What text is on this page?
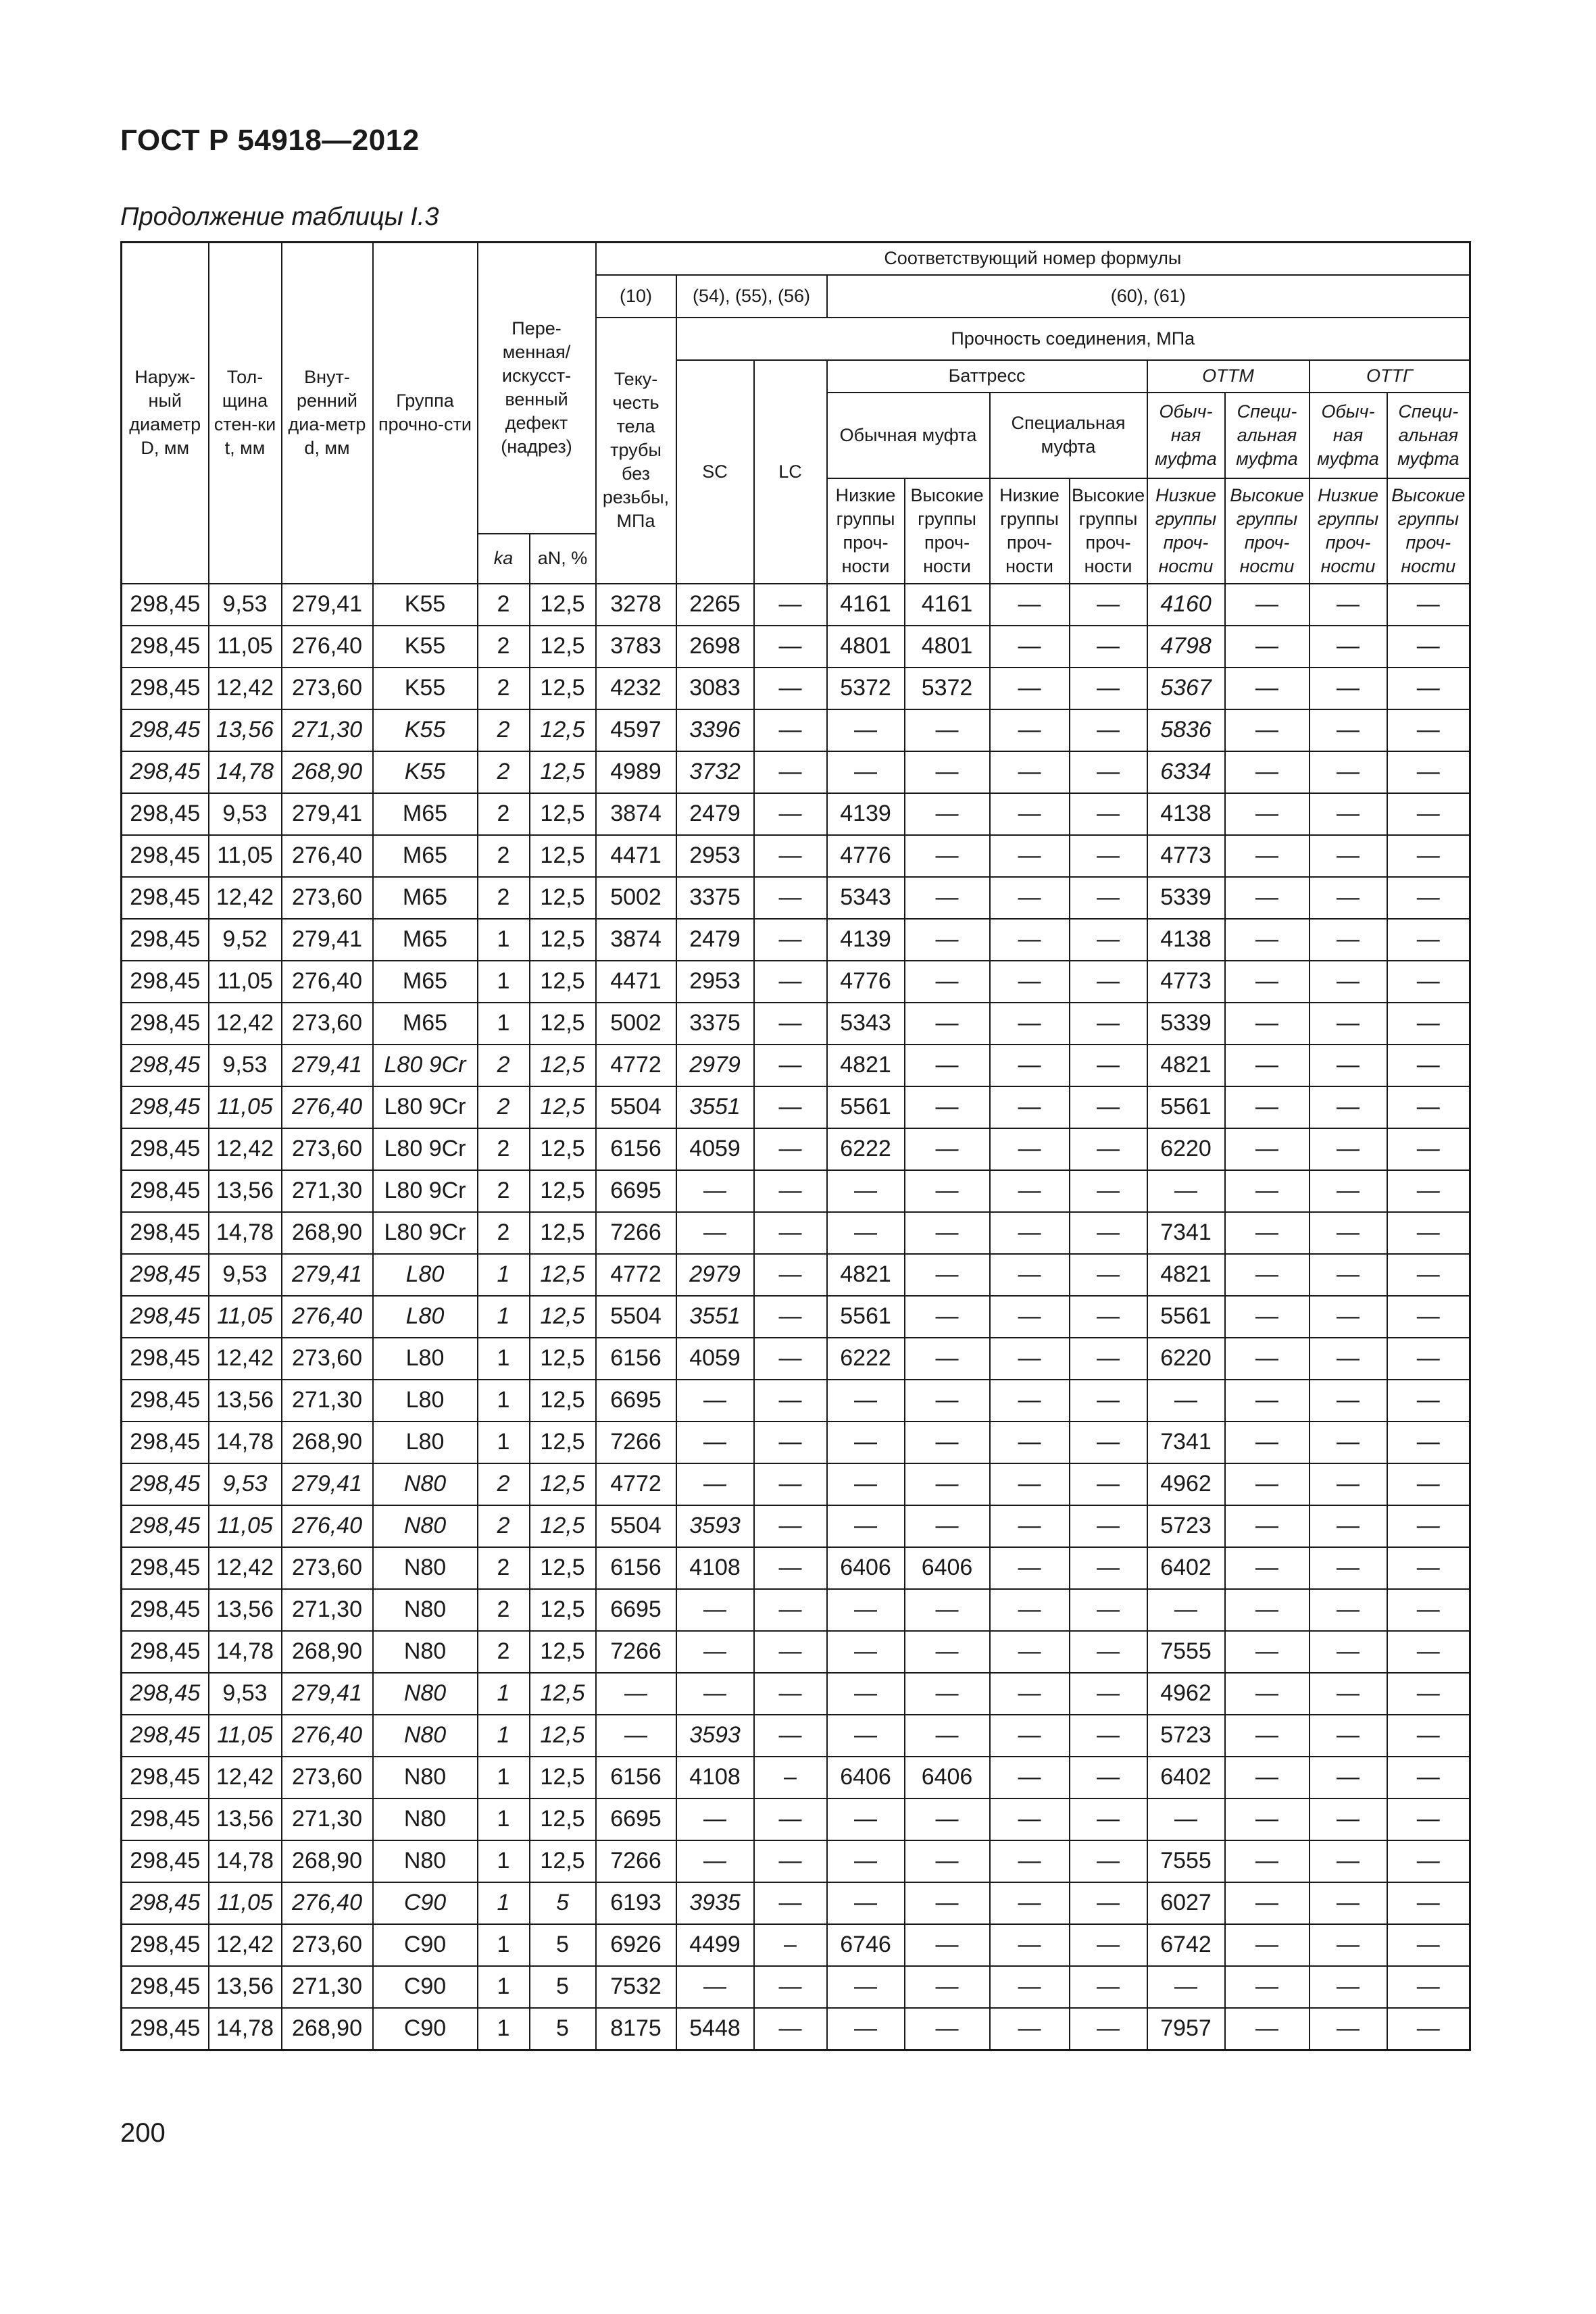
ГОСТ Р 54918—2012
Продолжение таблицы I.3
Наруж-ный диаметр D, мм	Тол-щина стен-ки t, мм	Внут-ренний диа-метр d, мм	Группа прочно-сти	Пере-менная/ искусст-венный дефект (надрез)		Соответствующий номер формулы										
						(10)	(54), (55), (56)		(60), (61)							
						Теку-честь тела трубы без резьбы, МПа	Прочность соединения, МПа									
							SC	LC	Баттресс				ОТТМ		ОТТГ	
									Обычная муфта		Специальная муфта		Обыч-ная муфта	Специ-альная муфта	Обыч-ная муфта	Специ-альная муфта
									Низкие группы проч-ности	Высокие группы проч-ности	Низкие группы проч-ности	Высокие группы проч-ности	Низкие группы проч-ности	Высокие группы проч-ности	Низкие группы проч-ности	Высокие группы проч-ности
				ka	aN, %											
298,45	9,53	279,41	K55	2	12,5	3278	2265	—	4161	4161	—	—	4160	—	—	—
298,45	11,05	276,40	K55	2	12,5	3783	2698	—	4801	4801	—	—	4798	—	—	—
298,45	12,42	273,60	K55	2	12,5	4232	3083	—	5372	5372	—	—	5367	—	—	—
298,45	13,56	271,30	K55	2	12,5	4597	3396	—	—	—	—	—	5836	—	—	—
298,45	14,78	268,90	K55	2	12,5	4989	3732	—	—	—	—	—	6334	—	—	—
298,45	9,53	279,41	M65	2	12,5	3874	2479	—	4139	—	—	—	4138	—	—	—
298,45	11,05	276,40	M65	2	12,5	4471	2953	—	4776	—	—	—	4773	—	—	—
298,45	12,42	273,60	M65	2	12,5	5002	3375	—	5343	—	—	—	5339	—	—	—
298,45	9,52	279,41	M65	1	12,5	3874	2479	—	4139	—	—	—	4138	—	—	—
298,45	11,05	276,40	M65	1	12,5	4471	2953	—	4776	—	—	—	4773	—	—	—
298,45	12,42	273,60	M65	1	12,5	5002	3375	—	5343	—	—	—	5339	—	—	—
298,45	9,53	279,41	L80 9Cr	2	12,5	4772	2979	—	4821	—	—	—	4821	—	—	—
298,45	11,05	276,40	L80 9Cr	2	12,5	5504	3551	—	5561	—	—	—	5561	—	—	—
298,45	12,42	273,60	L80 9Cr	2	12,5	6156	4059	—	6222	—	—	—	6220	—	—	—
298,45	13,56	271,30	L80 9Cr	2	12,5	6695	—	—	—	—	—	—	—	—	—	—
298,45	14,78	268,90	L80 9Cr	2	12,5	7266	—	—	—	—	—	—	7341	—	—	—
298,45	9,53	279,41	L80	1	12,5	4772	2979	—	4821	—	—	—	4821	—	—	—
298,45	11,05	276,40	L80	1	12,5	5504	3551	—	5561	—	—	—	5561	—	—	—
298,45	12,42	273,60	L80	1	12,5	6156	4059	—	6222	—	—	—	6220	—	—	—
298,45	13,56	271,30	L80	1	12,5	6695	—	—	—	—	—	—	—	—	—	—
298,45	14,78	268,90	L80	1	12,5	7266	—	—	—	—	—	—	7341	—	—	—
298,45	9,53	279,41	N80	2	12,5	4772	—	—	—	—	—	—	4962	—	—	—
298,45	11,05	276,40	N80	2	12,5	5504	3593	—	—	—	—	—	5723	—	—	—
298,45	12,42	273,60	N80	2	12,5	6156	4108	—	6406	6406	—	—	6402	—	—	—
298,45	13,56	271,30	N80	2	12,5	6695	—	—	—	—	—	—	—	—	—	—
298,45	14,78	268,90	N80	2	12,5	7266	—	—	—	—	—	—	7555	—	—	—
298,45	9,53	279,41	N80	1	12,5	—	—	—	—	—	—	—	4962	—	—	—
298,45	11,05	276,40	N80	1	12,5	—	3593	—	—	—	—	—	5723	—	—	—
298,45	12,42	273,60	N80	1	12,5	6156	4108	–	6406	6406	—	—	6402	—	—	—
298,45	13,56	271,30	N80	1	12,5	6695	—	—	—	—	—	—	—	—	—	—
298,45	14,78	268,90	N80	1	12,5	7266	—	—	—	—	—	—	7555	—	—	—
298,45	11,05	276,40	C90	1	5	6193	3935	—	—	—	—	—	6027	—	—	—
298,45	12,42	273,60	C90	1	5	6926	4499	–	6746	—	—	—	6742	—	—	—
298,45	13,56	271,30	C90	1	5	7532	—	—	—	—	—	—	—	—	—	—
298,45	14,78	268,90	C90	1	5	8175	5448	—	—	—	—	—	7957	—	—	—
200
